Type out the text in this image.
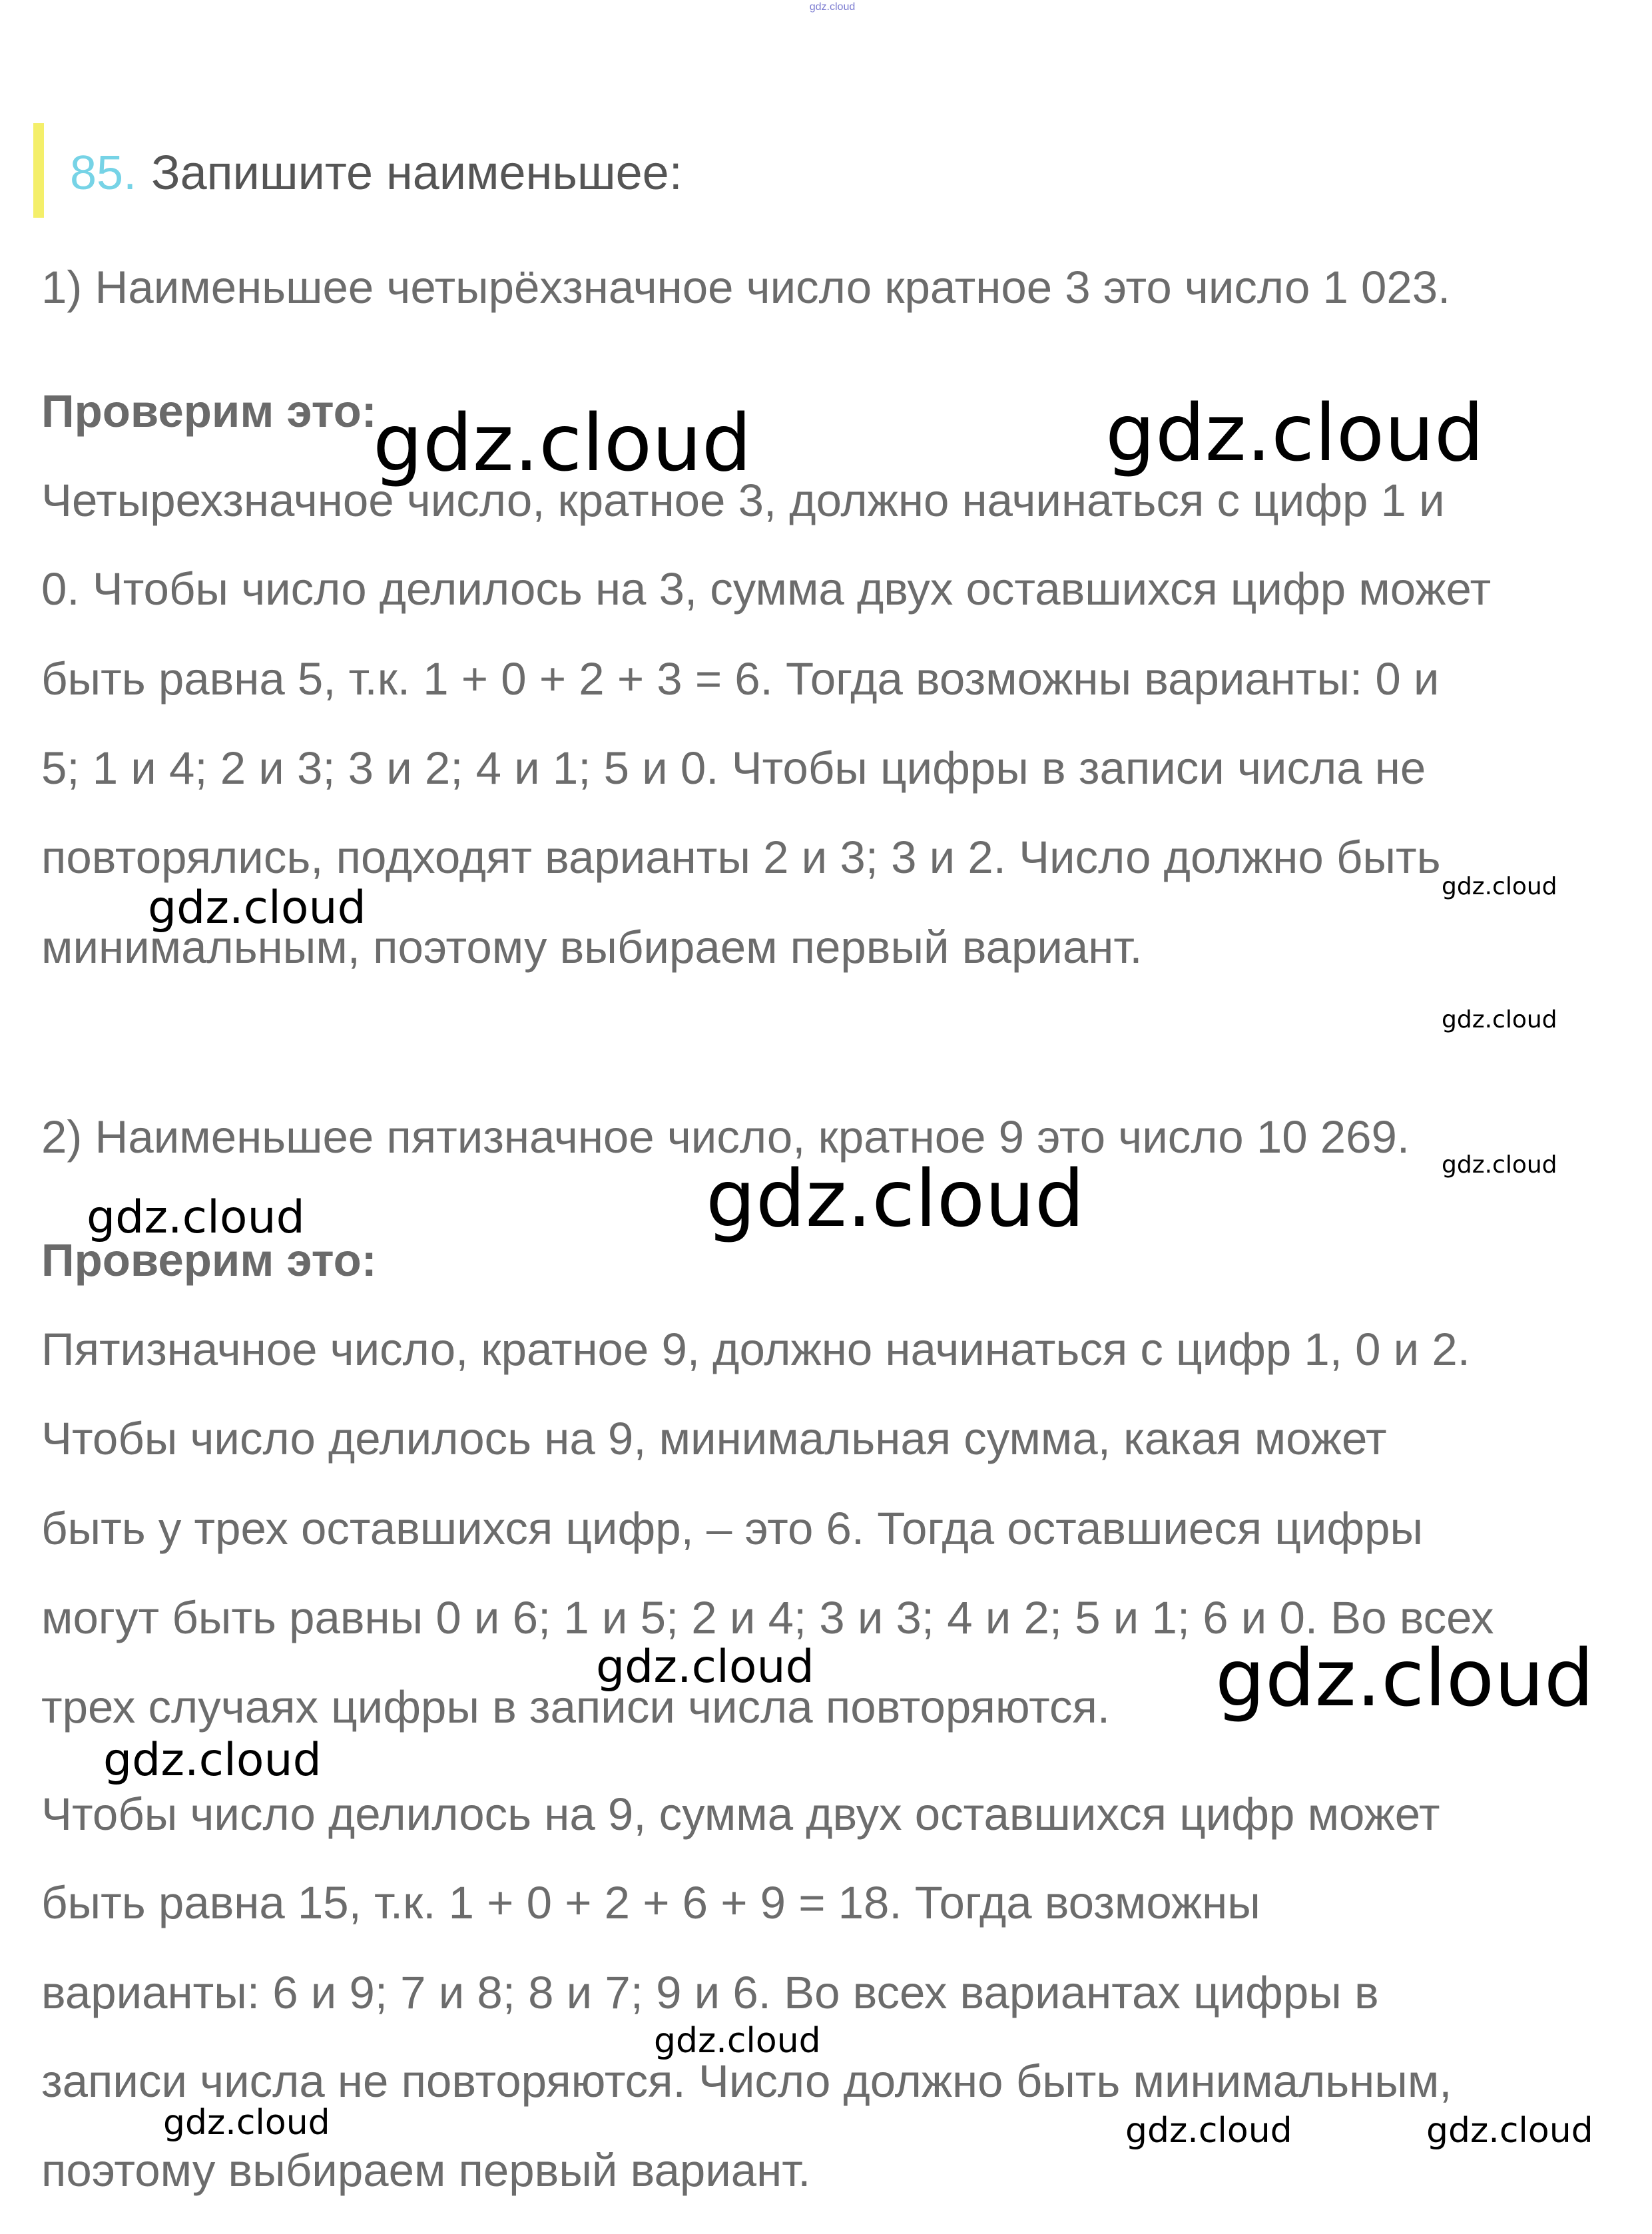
gdz.cloud
85. Запишите наименьшее:
1) Наименьшее четырёхзначное число кратное 3 это число 1 023.
Проверим это:
Четырехзначное число, кратное 3, должно начинаться с цифр 1 и
0. Чтобы число делилось на 3, сумма двух оставшихся цифр может
быть равна 5, т.к. 1 + 0 + 2 + 3 = 6. Тогда возможны варианты: 0 и
5; 1 и 4; 2 и 3; 3 и 2; 4 и 1; 5 и 0. Чтобы цифры в записи числа не
повторялись, подходят варианты 2 и 3; 3 и 2. Число должно быть
минимальным, поэтому выбираем первый вариант.
2) Наименьшее пятизначное число, кратное 9 это число 10 269.
Проверим это:
Пятизначное число, кратное 9, должно начинаться с цифр 1, 0 и 2.
Чтобы число делилось на 9, минимальная сумма, какая может
быть у трех оставшихся цифр, – это 6. Тогда оставшиеся цифры
могут быть равны 0 и 6; 1 и 5; 2 и 4; 3 и 3; 4 и 2; 5 и 1; 6 и 0. Во всех
трех случаях цифры в записи числа повторяются.
Чтобы число делилось на 9, сумма двух оставшихся цифр может
быть равна 15, т.к. 1 + 0 + 2 + 6 + 9 = 18. Тогда возможны
варианты: 6 и 9; 7 и 8; 8 и 7; 9 и 6. Во всех вариантах цифры в
записи числа не повторяются. Число должно быть минимальным,
поэтому выбираем первый вариант.
gdz.cloud	gdz.cloud
gdz.cloud	gdz.cloud
gdz.cloud
gdz.cloud
gdz.cloud
gdz.cloud
gdz.cloud	gdz.cloud
gdz.cloud
gdz.cloud
gdz.cloud	gdz.cloud	gdz.cloud
